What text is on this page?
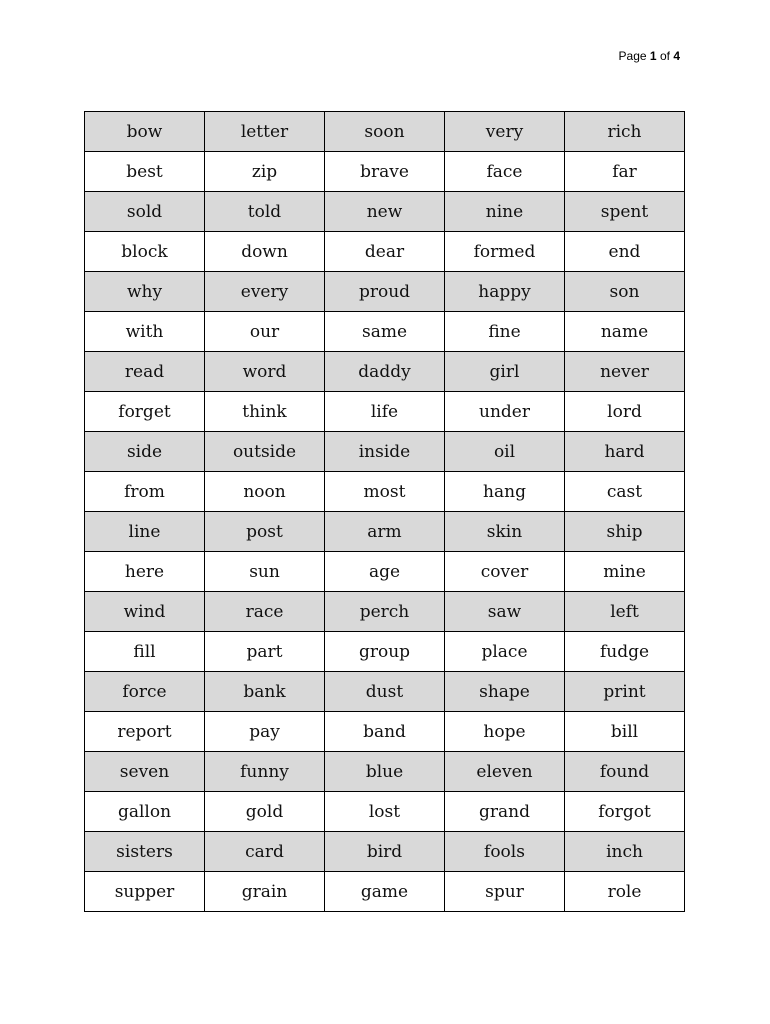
Page 1 of 4
bow	letter	soon	very	rich
best	zip	brave	face	far
sold	told	new	nine	spent
block	down	dear	formed	end
why	every	proud	happy	son
with	our	same	fine	name
read	word	daddy	girl	never
forget	think	life	under	lord
side	outside	inside	oil	hard
from	noon	most	hang	cast
line	post	arm	skin	ship
here	sun	age	cover	mine
wind	race	perch	saw	left
fill	part	group	place	fudge
force	bank	dust	shape	print
report	pay	band	hope	bill
seven	funny	blue	eleven	found
gallon	gold	lost	grand	forgot
sisters	card	bird	fools	inch
supper	grain	game	spur	role
